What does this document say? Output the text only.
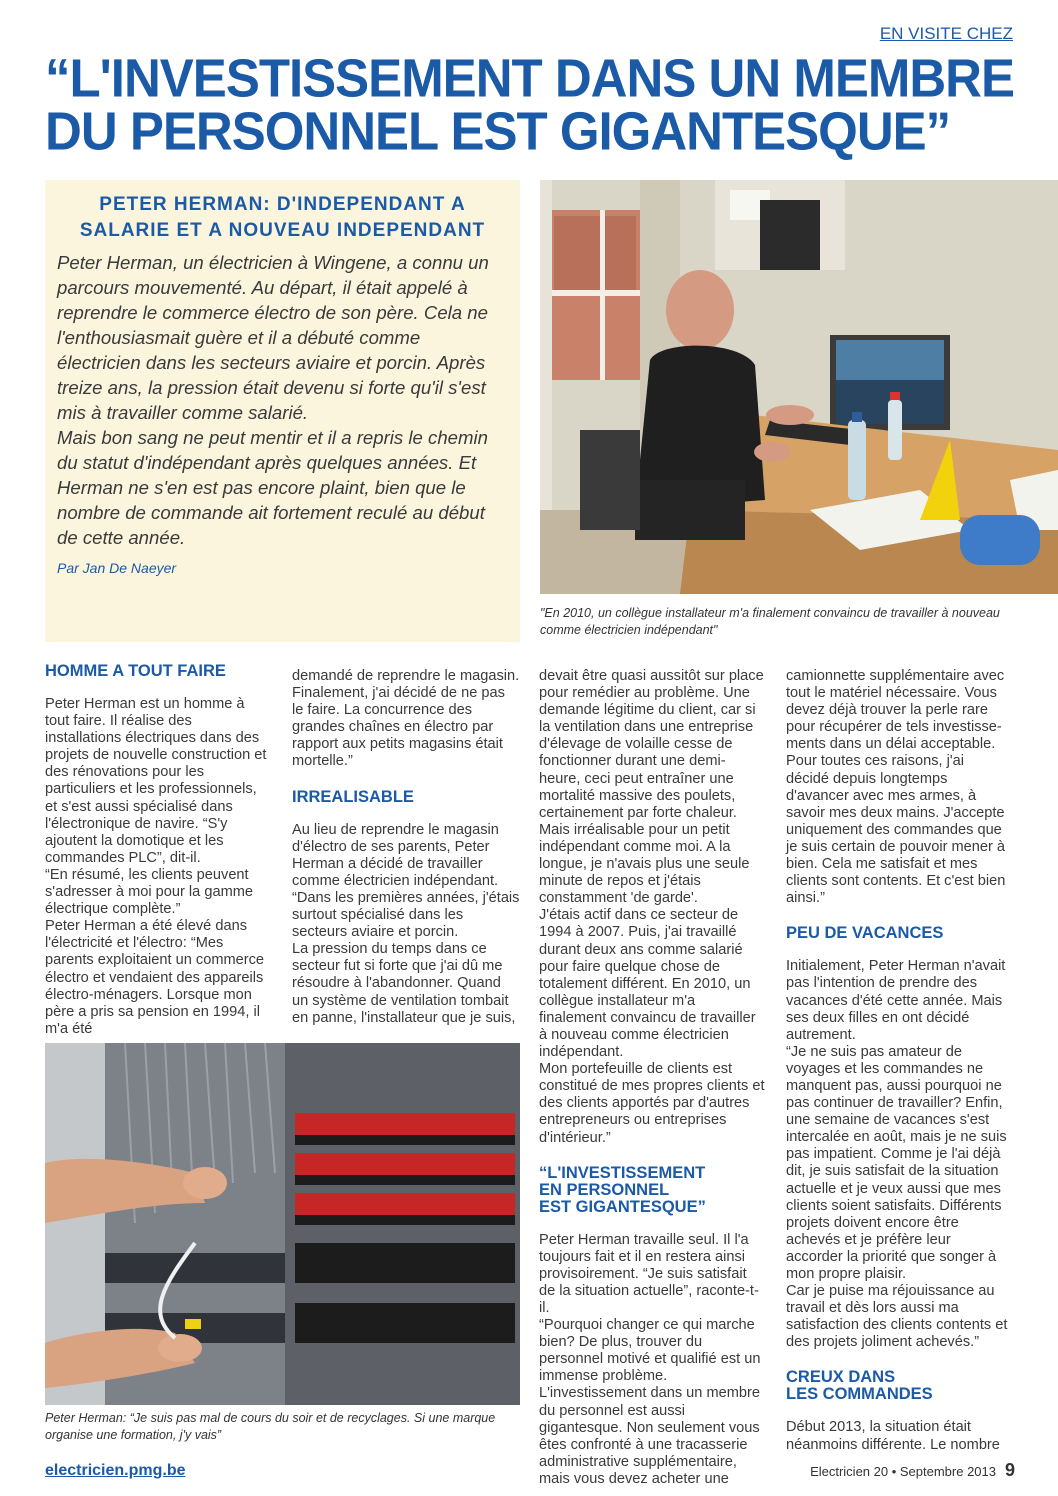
EN VISITE CHEZ
“L'INVESTISSEMENT DANS UN MEMBRE DU PERSONNEL EST GIGANTESQUE”
PETER HERMAN: D'INDEPENDANT A SALARIE ET A NOUVEAU INDEPENDANT
Peter Herman, un électricien à Wingene, a connu un parcours mouvementé. Au départ, il était appelé à reprendre le commerce électro de son père. Cela ne l'enthousiasmait guère et il a débuté comme électricien dans les secteurs aviaire et porcin. Après treize ans, la pression était devenu si forte qu'il s'est mis à travailler comme salarié.
Mais bon sang ne peut mentir et il a repris le chemin du statut d'indépendant après quelques années. Et Herman ne s'en est pas encore plaint, bien que le nombre de commande ait fortement reculé au début de cette année.
Par Jan De Naeyer
"En 2010, un collègue installateur m'a finalement convaincu de travailler à nouveau comme électricien indépendant"
Peter Herman: “Je suis pas mal de cours du soir et de recyclages. Si une marque organise une formation, j'y vais”
HOMME A TOUT FAIRE

Peter Herman est un homme à tout faire. Il réalise des installations électriques dans des projets de nouvelle construction et des rénovations pour les particuliers et les professionnels, et s'est aussi spécialisé dans l'électronique de navire. “S'y ajoutent la domotique et les commandes PLC”, dit-il.
“En résumé, les clients peuvent s'adresser à moi pour la gamme électrique complète.”
Peter Herman a été élevé dans l'électricité et l'électro: “Mes parents exploitaient un commerce électro et vendaient des appareils électro-ménagers. Lorsque mon père a pris sa pension en 1994, il m'a été

demandé de reprendre le magasin. Finalement, j'ai décidé de ne pas le faire. La concurrence des grandes chaînes en électro par rapport aux petits magasins était mortelle.”

IRREALISABLE

Au lieu de reprendre le magasin d'électro de ses parents, Peter Herman a décidé de travailler comme électricien indépendant.
“Dans les premières années, j'étais surtout spécialisé dans les secteurs aviaire et porcin.
La pression du temps dans ce secteur fut si forte que j'ai dû me résoudre à l'abandonner. Quand un système de ventilation tombait en panne, l'installateur que je suis,

devait être quasi aussitôt sur place pour remédier au problème. Une demande légitime du client, car si la ventilation dans une entreprise d'élevage de volaille cesse de fonctionner durant une demi-heure, ceci peut entraîner une mortalité massive des poulets, certainement par forte chaleur. Mais irréalisable pour un petit indépendant comme moi. A la longue, je n'avais plus une seule minute de repos et j'étais constamment 'de garde'.
J'étais actif dans ce secteur de 1994 à 2007. Puis, j'ai travaillé durant deux ans comme salarié pour faire quelque chose de totalement différent. En 2010, un collègue installateur m'a finalement convaincu de travailler à nouveau comme électricien indépendant.
Mon portefeuille de clients est constitué de mes propres clients et des clients apportés par d'autres entrepreneurs ou entreprises d'intérieur.”

“L'INVESTISSEMENT
EN PERSONNEL
EST GIGANTESQUE”

Peter Herman travaille seul. Il l'a toujours fait et il en restera ainsi provisoirement. “Je suis satisfait de la situation actuelle”, raconte-t-il.
“Pourquoi changer ce qui marche bien? De plus, trouver du personnel motivé et qualifié est un immense problème. L'investissement dans un membre du personnel est aussi gigantesque. Non seulement vous êtes confronté à une tracasserie administrative supplémentaire, mais vous devez acheter une

camionnette supplémentaire avec tout le matériel nécessaire. Vous devez déjà trouver la perle rare pour récupérer de tels investisse-ments dans un délai acceptable.
Pour toutes ces raisons, j'ai décidé depuis longtemps d'avancer avec mes armes, à savoir mes deux mains. J'accepte uniquement des commandes que je suis certain de pouvoir mener à bien. Cela me satisfait et mes clients sont contents. Et c'est bien ainsi.”

PEU DE VACANCES

Initialement, Peter Herman n'avait pas l'intention de prendre des vacances d'été cette année. Mais ses deux filles en ont décidé autrement.
“Je ne suis pas amateur de voyages et les commandes ne manquent pas, aussi pourquoi ne pas continuer de travailler? Enfin, une semaine de vacances s'est intercalée en août, mais je ne suis pas impatient. Comme je l'ai déjà dit, je suis satisfait de la situation actuelle et je veux aussi que mes clients soient satisfaits. Différents projets doivent encore être achevés et je préfère leur accorder la priorité que songer à mon propre plaisir.
Car je puise ma réjouissance au travail et dès lors aussi ma satisfaction des clients contents et des projets joliment achevés.”

CREUX DANS
LES COMMANDES

Début 2013, la situation était néanmoins différente. Le nombre

electricien.pmg.be	Electricien 20 • Septembre 2013 9
